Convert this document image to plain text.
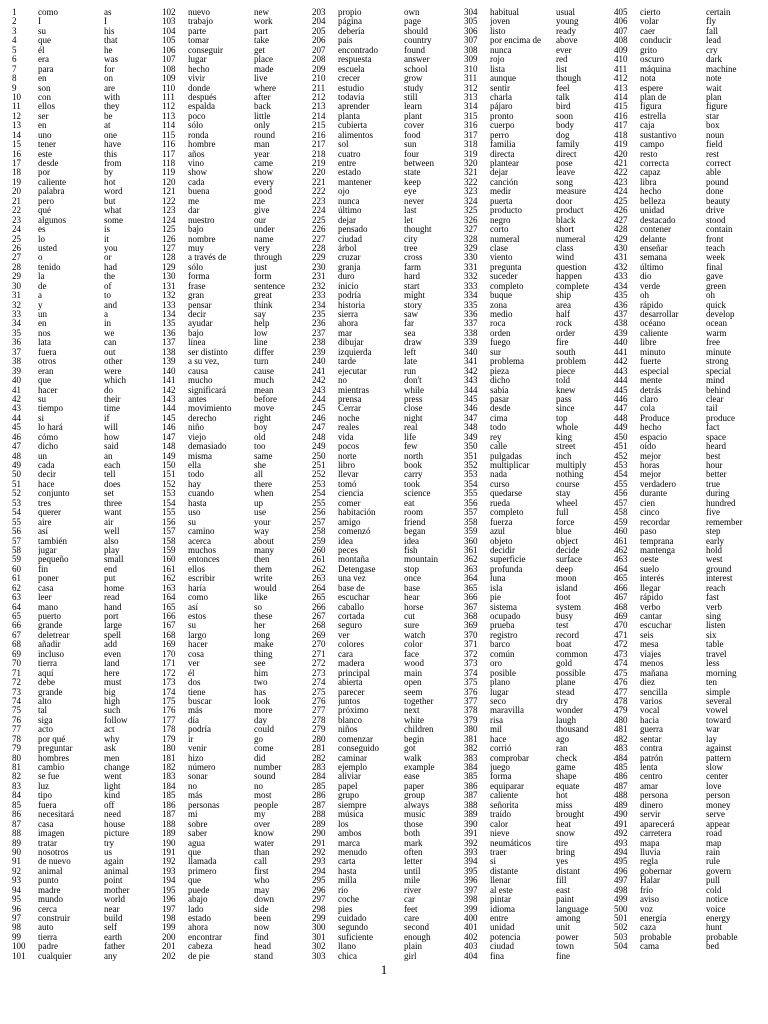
1
2
3
4
5
6
7
8
9
10
11
12
13
14
15
16
17
18
19
20
21
22
23
24
25
26
27
28
29
30
31
32
33
34
35
36
37
38
39
40
41
42
43
44
45
46
47
48
49
50
51
52
53
54
55
56
57
58
59
60
61
62
63
64
65
66
67
68
69
70
71
72
73
74
75
76
77
78
79
80
81
82
83
84
85
86
87
88
89
90
91
92
93
94
95
96
97
98
99
100
101
como
I
su
que
él
era
para
en
son
con
ellos
ser
en
uno
tener
este
desde
por
caliente
palabra
pero
qué
algunos
es
lo
usted
o
tenido
la
de
a
y
un
en
nos
lata
fuera
otros
eran
que
hacer
su
tiempo
si
lo hará
cómo
dicho
un
cada
decir
hace
conjunto
tres
querer
aire
así
también
jugar
pequeño
fin
poner
casa
leer
mano
puerto
grande
deletrear
añadir
incluso
tierra
aquí
debe
grande
alto
tal
siga
acto
por qué
preguntar
hombres
cambio
se fue
luz
tipo
fuera
necesitará
casa
imagen
tratar
nosotros
de nuevo
animal
punto
madre
mundo
cerca
construir
auto
tierra
padre
cualquier
as
I
his
that
he
was
for
on
are
with
they
be
at
one
have
this
from
by
hot
word
but
what
some
is
it
you
or
had
the
of
to
and
a
in
we
can
out
other
were
which
do
their
time
if
will
how
said
an
each
tell
does
set
three
want
air
well
also
play
small
end
put
home
read
hand
port
large
spell
add
even
land
here
must
big
high
such
follow
act
why
ask
men
change
went
light
kind
off
need
house
picture
try
us
again
animal
point
mother
world
near
build
self
earth
father
any
102
103
104
105
106
107
108
109
110
111
112
113
114
115
116
117
118
119
120
121
122
123
124
125
126
127
128
129
130
131
132
133
134
135
136
137
138
139
140
141
142
143
144
145
146
147
148
149
150
151
152
153
154
155
156
157
158
159
160
161
162
163
164
165
166
167
168
169
170
171
172
173
174
175
176
177
178
179
180
181
182
183
184
185
186
187
188
189
190
191
192
193
194
195
196
197
198
199
200
201
202
nuevo
trabajo
parte
tomar
conseguir
lugar
hecho
vivir
donde
después
espalda
poco
sólo
ronda
hombre
años
vino
show
cada
buena
me
dar
nuestro
bajo
nombre
muy
a través de
sólo
forma
frase
gran
pensar
decir
ayudar
bajo
línea
ser distinto
a su vez,
causa
mucho
significará
antes
movimiento
derecho
niño
viejo
demasiado
misma
ella
todo
hay
cuando
hasta
uso
su
camino
acerca
muchos
entonces
ellos
escribir
haría
como
así
estos
su
largo
hacer
cosa
ver
él
dos
tiene
buscar
más
día
podría
ir
venir
hizo
número
sonar
no
más
personas
mi
sobre
saber
agua
que
llamada
primero
que
puede
abajo
lado
estado
ahora
encontrar
cabeza
de pie
new
work
part
take
get
place
made
live
where
after
back
little
only
round
man
year
came
show
every
good
me
give
our
under
name
very
through
just
form
sentence
great
think
say
help
low
line
differ
turn
cause
much
mean
before
move
right
boy
old
too
same
she
all
there
when
up
use
your
way
about
many
then
them
write
would
like
so
these
her
long
make
thing
see
him
two
has
look
more
day
could
go
come
did
number
sound
no
most
people
my
over
know
water
than
call
first
who
may
down
side
been
now
find
head
stand
203
204
205
206
207
208
209
210
211
212
213
214
215
216
217
218
219
220
221
222
223
224
225
226
227
228
229
230
231
232
233
234
235
236
237
238
239
240
241
242
243
244
245
246
247
248
249
250
251
252
253
254
255
256
257
258
259
260
261
262
263
264
265
266
267
268
269
270
271
272
273
274
275
276
277
278
279
280
281
282
283
284
285
286
287
288
289
290
291
292
293
294
295
296
297
298
299
300
301
302
303
propio
página
debería
país
encontrado
respuesta
escuela
crecer
estudio
todavía
aprender
planta
cubierta
alimentos
sol
cuatro
entre
estado
mantener
ojo
nunca
último
dejar
pensado
ciudad
árbol
cruzar
granja
duro
inicio
podría
historia
sierra
ahora
mar
dibujar
izquierda
tarde
ejecutar
no
mientras
prensa
Cerrar
noche
reales
vida
pocos
norte
libro
llevar
tomó
ciencia
comer
habitación
amigo
comenzó
idea
peces
montaña
Detengase
una vez
base de
escuchar
caballo
cortada
seguro
ver
colores
cara
madera
principal
abierta
parecer
juntos
próximo
blanco
niños
comenzar
conseguido
caminar
ejemplo
aliviar
papel
grupo
siempre
música
los
ambos
marca
menudo
carta
hasta
milla
río
coche
pies
cuidado
segundo
suficiente
llano
chica
own
page
should
country
found
answer
school
grow
study
still
learn
plant
cover
food
sun
four
between
state
keep
eye
never
last
let
thought
city
tree
cross
farm
hard
start
might
story
saw
far
sea
draw
left
late
run
don't
while
press
close
night
real
life
few
north
book
carry
took
science
eat
room
friend
began
idea
fish
mountain
stop
once
base
hear
horse
cut
sure
watch
color
face
wood
main
open
seem
together
next
white
children
begin
got
walk
example
ease
paper
group
always
music
those
both
mark
often
letter
until
mile
river
car
feet
care
second
enough
plain
girl
304
305
306
307
308
309
310
311
312
313
314
315
316
317
318
319
320
321
322
323
324
325
326
327
328
329
330
331
332
333
334
335
336
337
338
339
340
341
342
343
344
345
346
347
348
349
350
351
352
353
354
355
356
357
358
359
360
361
362
363
364
365
366
367
368
369
370
371
372
373
374
375
376
377
378
379
380
381
382
383
384
385
386
387
388
389
390
391
392
393
394
395
396
397
398
399
400
401
402
403
404
habitual
joven
listo
por encima de
nunca
rojo
lista
aunque
sentir
charla
pájaro
pronto
cuerpo
perro
familia
directa
plantear
dejar
canción
medir
puerta
producto
negro
corto
numeral
clase
viento
pregunta
suceder
completo
buque
zona
medio
roca
orden
fuego
sur
problema
pieza
dicho
sabía
pasar
desde
cima
todo
rey
calle
pulgadas
multiplicar
nada
curso
quedarse
rueda
completo
fuerza
azul
objeto
decidir
superficie
profunda
luna
isla
pie
sistema
ocupado
prueba
registro
barco
común
oro
posible
plano
lugar
seco
maravilla
risa
mil
hace
corrió
comprobar
juego
forma
equiparar
caliente
señorita
traído
calor
nieve
neumáticos
traer
si
distante
llenar
al este
pintar
idioma
entre
unidad
potencia
ciudad
fina
usual
young
ready
above
ever
red
list
though
feel
talk
bird
soon
body
dog
family
direct
pose
leave
song
measure
door
product
black
short
numeral
class
wind
question
happen
complete
ship
area
half
rock
order
fire
south
problem
piece
told
knew
pass
since
top
whole
king
street
inch
multiply
nothing
course
stay
wheel
full
force
blue
object
decide
surface
deep
moon
island
foot
system
busy
test
record
boat
common
gold
possible
plane
stead
dry
wonder
laugh
thousand
ago
ran
check
game
shape
equate
hot
miss
brought
heat
snow
tire
bring
yes
distant
fill
east
paint
language
among
unit
power
town
fine
405
406
407
408
409
410
411
412
413
414
415
416
417
418
419
420
421
422
423
424
425
426
427
428
429
430
431
432
433
434
435
436
437
438
439
440
441
442
443
444
445
446
447
448
449
450
451
452
453
454
455
456
457
458
459
460
461
462
463
464
465
466
467
468
469
470
471
472
473
474
475
476
477
478
479
480
481
482
483
484
485
486
487
488
489
490
491
492
493
494
495
496
497
498
499
500
501
502
503
504
cierto
volar
caer
conducir
grito
oscuro
máquina
nota
espere
plan de
figura
estrella
caja
sustantivo
campo
resto
correcta
capaz
libra
hecho
belleza
unidad
destacado
contener
delante
enseñar
semana
último
dio
verde
oh
rápido
desarrollar
océano
caliente
libre
minuto
fuerte
especial
mente
detrás
claro
cola
Produce
hecho
espacio
oído
mejor
horas
mejor
verdadero
durante
cien
cinco
recordar
paso
temprana
mantenga
oeste
suelo
interés
llegar
rápido
verbo
cantar
escuchar
seis
mesa
viajes
menos
mañana
diez
sencilla
varios
vocal
hacia
guerra
sentar
contra
patrón
lenta
centro
amar
persona
dinero
servir
aparecerá
carretera
mapa
lluvia
regla
gobernar
Halar
frío
aviso
voz
energía
caza
probable
cama
certain
fly
fall
lead
cry
dark
machine
note
wait
plan
figure
star
box
noun
field
rest
correct
able
pound
done
beauty
drive
stood
contain
front
teach
week
final
gave
green
oh
quick
develop
ocean
warm
free
minute
strong
special
mind
behind
clear
tail
produce
fact
space
heard
best
hour
better
true
during
hundred
five
remember
step
early
hold
west
ground
interest
reach
fast
verb
sing
listen
six
table
travel
less
morning
ten
simple
several
vowel
toward
war
lay
against
pattern
slow
center
love
person
money
serve
appear
road
map
rain
rule
govern
pull
cold
notice
voice
energy
hunt
probable
bed
1
